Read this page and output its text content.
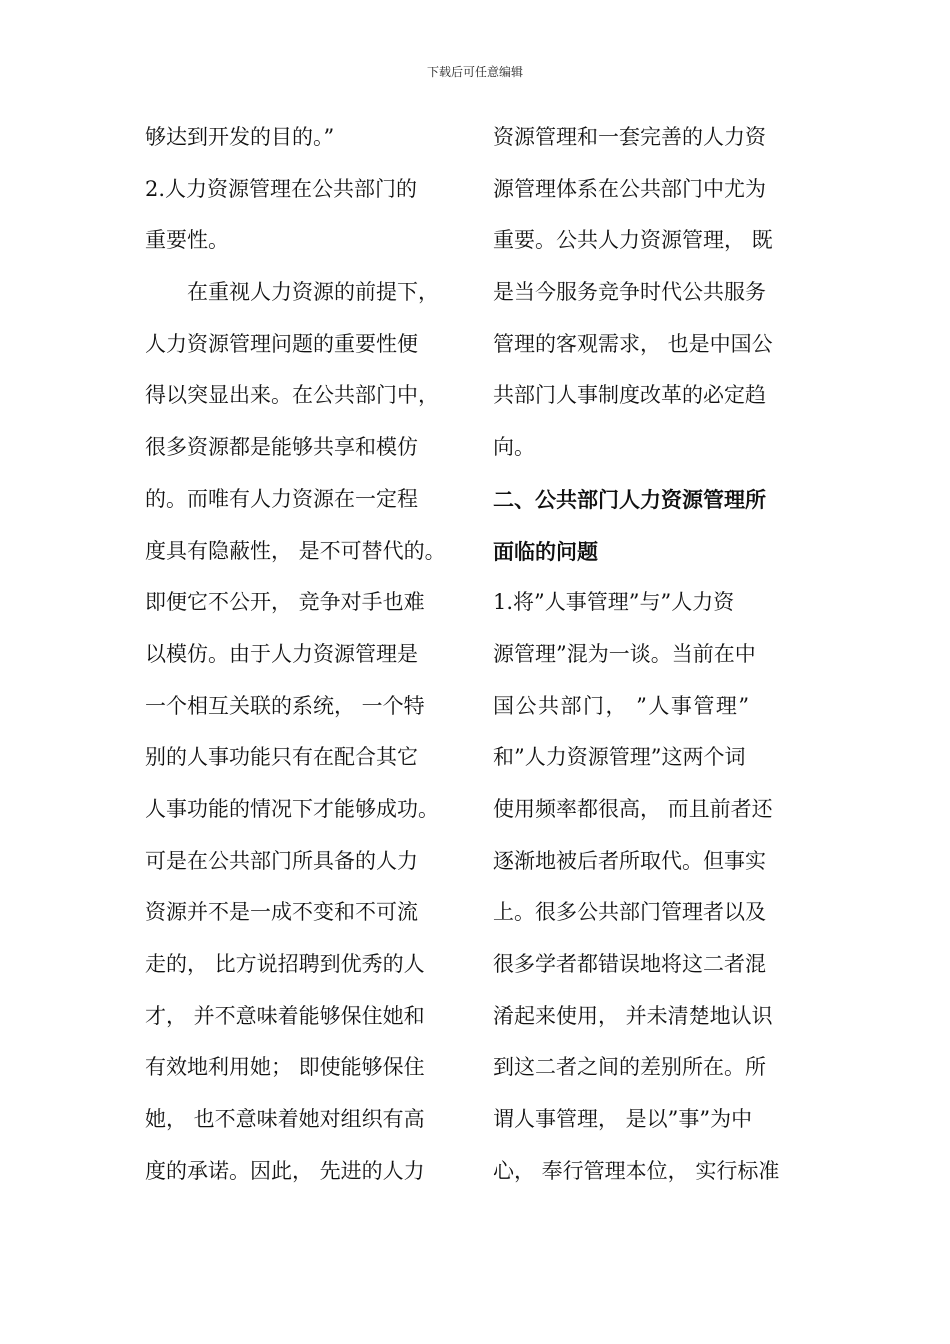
下载后可任意编辑
够达到开发的目的。”
2.人力资源管理在公共部门的
重要性。
　　在重视人力资源的前提下，
人力资源管理问题的重要性便
得以突显出来。在公共部门中，
很多资源都是能够共享和模仿
的。而唯有人力资源在一定程
度具有隐蔽性， 是不可替代的。
即便它不公开， 竞争对手也难
以模仿。由于人力资源管理是
一个相互关联的系统， 一个特
别的人事功能只有在配合其它
人事功能的情况下才能够成功。
可是在公共部门所具备的人力
资源并不是一成不变和不可流
走的， 比方说招聘到优秀的人
才， 并不意味着能够保住她和
有效地利用她； 即使能够保住
她， 也不意味着她对组织有高
度的承诺。因此， 先进的人力
资源管理和一套完善的人力资
源管理体系在公共部门中尤为
重要。公共人力资源管理， 既
是当今服务竞争时代公共服务
管理的客观需求， 也是中国公
共部门人事制度改革的必定趋
向。
二、公共部门人力资源管理所
面临的问题
1.将”人事管理”与”人力资
源管理”混为一谈。当前在中
国公共部门， ”人事管理”
和”人力资源管理”这两个词
使用频率都很高， 而且前者还
逐渐地被后者所取代。但事实
上。很多公共部门管理者以及
很多学者都错误地将这二者混
淆起来使用， 并未清楚地认识
到这二者之间的差别所在。所
谓人事管理， 是以”事”为中
心， 奉行管理本位， 实行标准
